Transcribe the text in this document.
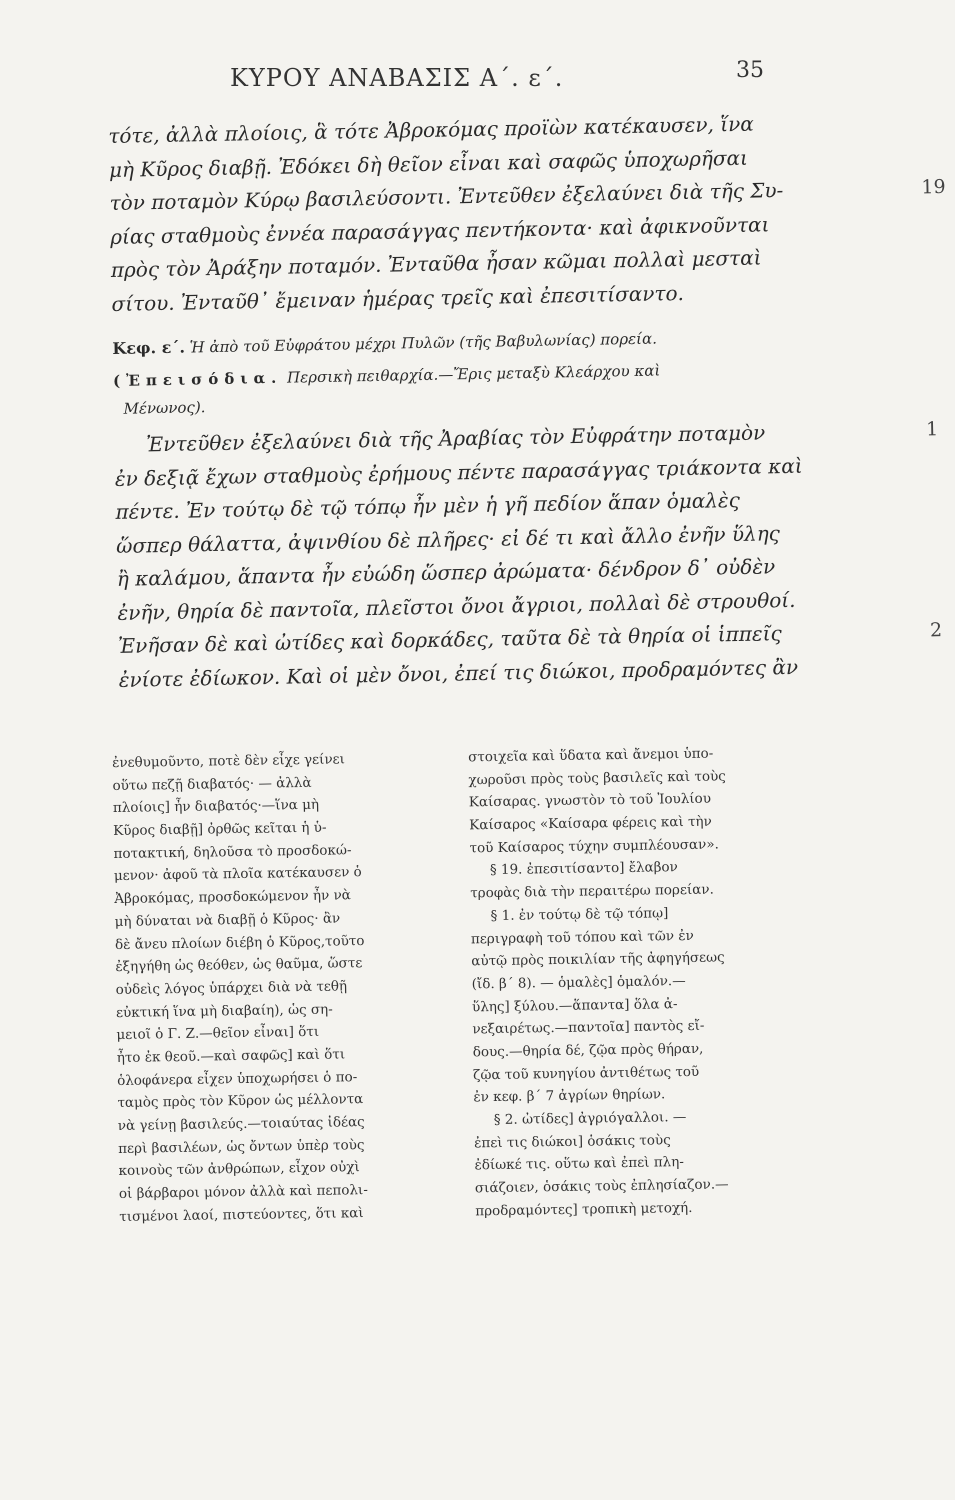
ΚΥΡΟΥ ΑΝΑΒΑΣΙΣ Α΄. ε΄.	35
τότε, ἀλλὰ πλοίοις, ἃ τότε Ἀβροκόμας προϊὼν κατέκαυσεν, ἵνα
μὴ Κῦρος διαβῇ. Ἐδόκει δὴ θεῖον εἶναι καὶ σαφῶς ὑποχωρῆσαι
τὸν ποταμὸν Κύρῳ βασιλεύσοντι. Ἐντεῦθεν ἐξελαύνει διὰ τῆς Συ-	19
ρίας σταθμοὺς ἐννέα παρασάγγας πεντήκοντα· καὶ ἀφικνοῦνται
πρὸς τὸν Ἀράξην ποταμόν. Ἐνταῦθα ἦσαν κῶμαι πολλαὶ μεσταὶ
σίτου. Ἐνταῦθ᾽ ἔμειναν ἡμέρας τρεῖς καὶ ἐπεσιτίσαντο.
Κεφ. ε΄. Ἡ ἀπὸ τοῦ Εὐφράτου μέχρι Πυλῶν (τῆς Βαβυλωνίας) πορεία.
(Ἐπεισόδια. Περσικὴ πειθαρχία.—Ἔρις μεταξὺ Κλεάρχου καὶ
Μένωνος).
Ἐντεῦθεν ἐξελαύνει διὰ τῆς Ἀραβίας τὸν Εὐφράτην ποταμὸν	1
ἐν δεξιᾷ ἔχων σταθμοὺς ἐρήμους πέντε παρασάγγας τριάκοντα καὶ
πέντε. Ἐν τούτῳ δὲ τῷ τόπῳ ἦν μὲν ἡ γῆ πεδίον ἅπαν ὁμαλὲς
ὥσπερ θάλαττα, ἀψινθίου δὲ πλῆρες· εἰ δέ τι καὶ ἄλλο ἐνῆν ὕλης
ἢ καλάμου, ἅπαντα ἦν εὐώδη ὥσπερ ἀρώματα· δένδρον δ᾽ οὐδὲν
ἐνῆν, θηρία δὲ παντοῖα, πλεῖστοι ὄνοι ἄγριοι, πολλαὶ δὲ στρουθοί.
Ἐνῆσαν δὲ καὶ ὠτίδες καὶ δορκάδες, ταῦτα δὲ τὰ θηρία οἱ ἱππεῖς	2
ἐνίοτε ἐδίωκον. Καὶ οἱ μὲν ὄνοι, ἐπεί τις διώκοι, προδραμόντες ἂν
ἐνεθυμοῦντο, ποτὲ δὲν εἶχε γείνει
οὕτω πεζῇ διαβατός· — ἀλλὰ
πλοίοις] ἦν διαβατός·—ἵνα μὴ
Κῦρος διαβῇ] ὀρθῶς κεῖται ἡ ὑ-
ποτακτική, δηλοῦσα τὸ προσδοκώ-
μενον· ἀφοῦ τὰ πλοῖα κατέκαυσεν ὁ
Ἀβροκόμας, προσδοκώμενον ἦν νὰ
μὴ δύναται νὰ διαβῇ ὁ Κῦρος· ἂν
δὲ ἄνευ πλοίων διέβη ὁ Κῦρος,τοῦτο
ἐξηγήθη ὡς θεόθεν, ὡς θαῦμα, ὥστε
οὐδεὶς λόγος ὑπάρχει διὰ νὰ τεθῇ
εὐκτική ἵνα μὴ διαβαίη), ὡς ση-
μειοῖ ὁ Γ. Ζ.—θεῖον εἶναι] ὅτι
ἦτο ἐκ θεοῦ.—καὶ σαφῶς] καὶ ὅτι
ὁλοφάνερα εἶχεν ὑποχωρήσει ὁ πο-
ταμὸς πρὸς τὸν Κῦρον ὡς μέλλοντα
νὰ γείνῃ βασιλεύς.—τοιαύτας ἰδέας
περὶ βασιλέων, ὡς ὄντων ὑπὲρ τοὺς
κοινοὺς τῶν ἀνθρώπων, εἶχον οὐχὶ
οἱ βάρβαροι μόνον ἀλλὰ καὶ πεπολι-
τισμένοι λαοί, πιστεύοντες, ὅτι καὶ
στοιχεῖα καὶ ὕδατα καὶ ἄνεμοι ὑπο-
χωροῦσι πρὸς τοὺς βασιλεῖς καὶ τοὺς
Καίσαρας. γνωστὸν τὸ τοῦ Ἰουλίου
Καίσαρος «Καίσαρα φέρεις καὶ τὴν
τοῦ Καίσαρος τύχην συμπλέουσαν».
§ 19. ἐπεσιτίσαντο] ἔλαβον
τροφὰς διὰ τὴν περαιτέρω πορείαν.
§ 1. ἐν τούτῳ δὲ τῷ τόπῳ]
περιγραφὴ τοῦ τόπου καὶ τῶν ἐν
αὐτῷ πρὸς ποικιλίαν τῆς ἀφηγήσεως
(ἴδ. β΄ 8). — ὁμαλὲς] ὁμαλόν.—
ὕλης] ξύλου.—ἅπαντα] ὅλα ἀ-
νεξαιρέτως.—παντοῖα] παντὸς εἴ-
δους.—θηρία δέ, ζῷα πρὸς θήραν,
ζῷα τοῦ κυνηγίου ἀντιθέτως τοῦ
ἐν κεφ. β΄ 7 ἀγρίων θηρίων.
§ 2. ὠτίδες] ἀγριόγαλλοι. —
ἐπεὶ τις διώκοι] ὁσάκις τοὺς
ἐδίωκέ τις. οὕτω καὶ ἐπεὶ πλη-
σιάζοιεν, ὁσάκις τοὺς ἐπλησίαζον.—
προδραμόντες] τροπικὴ μετοχή.
